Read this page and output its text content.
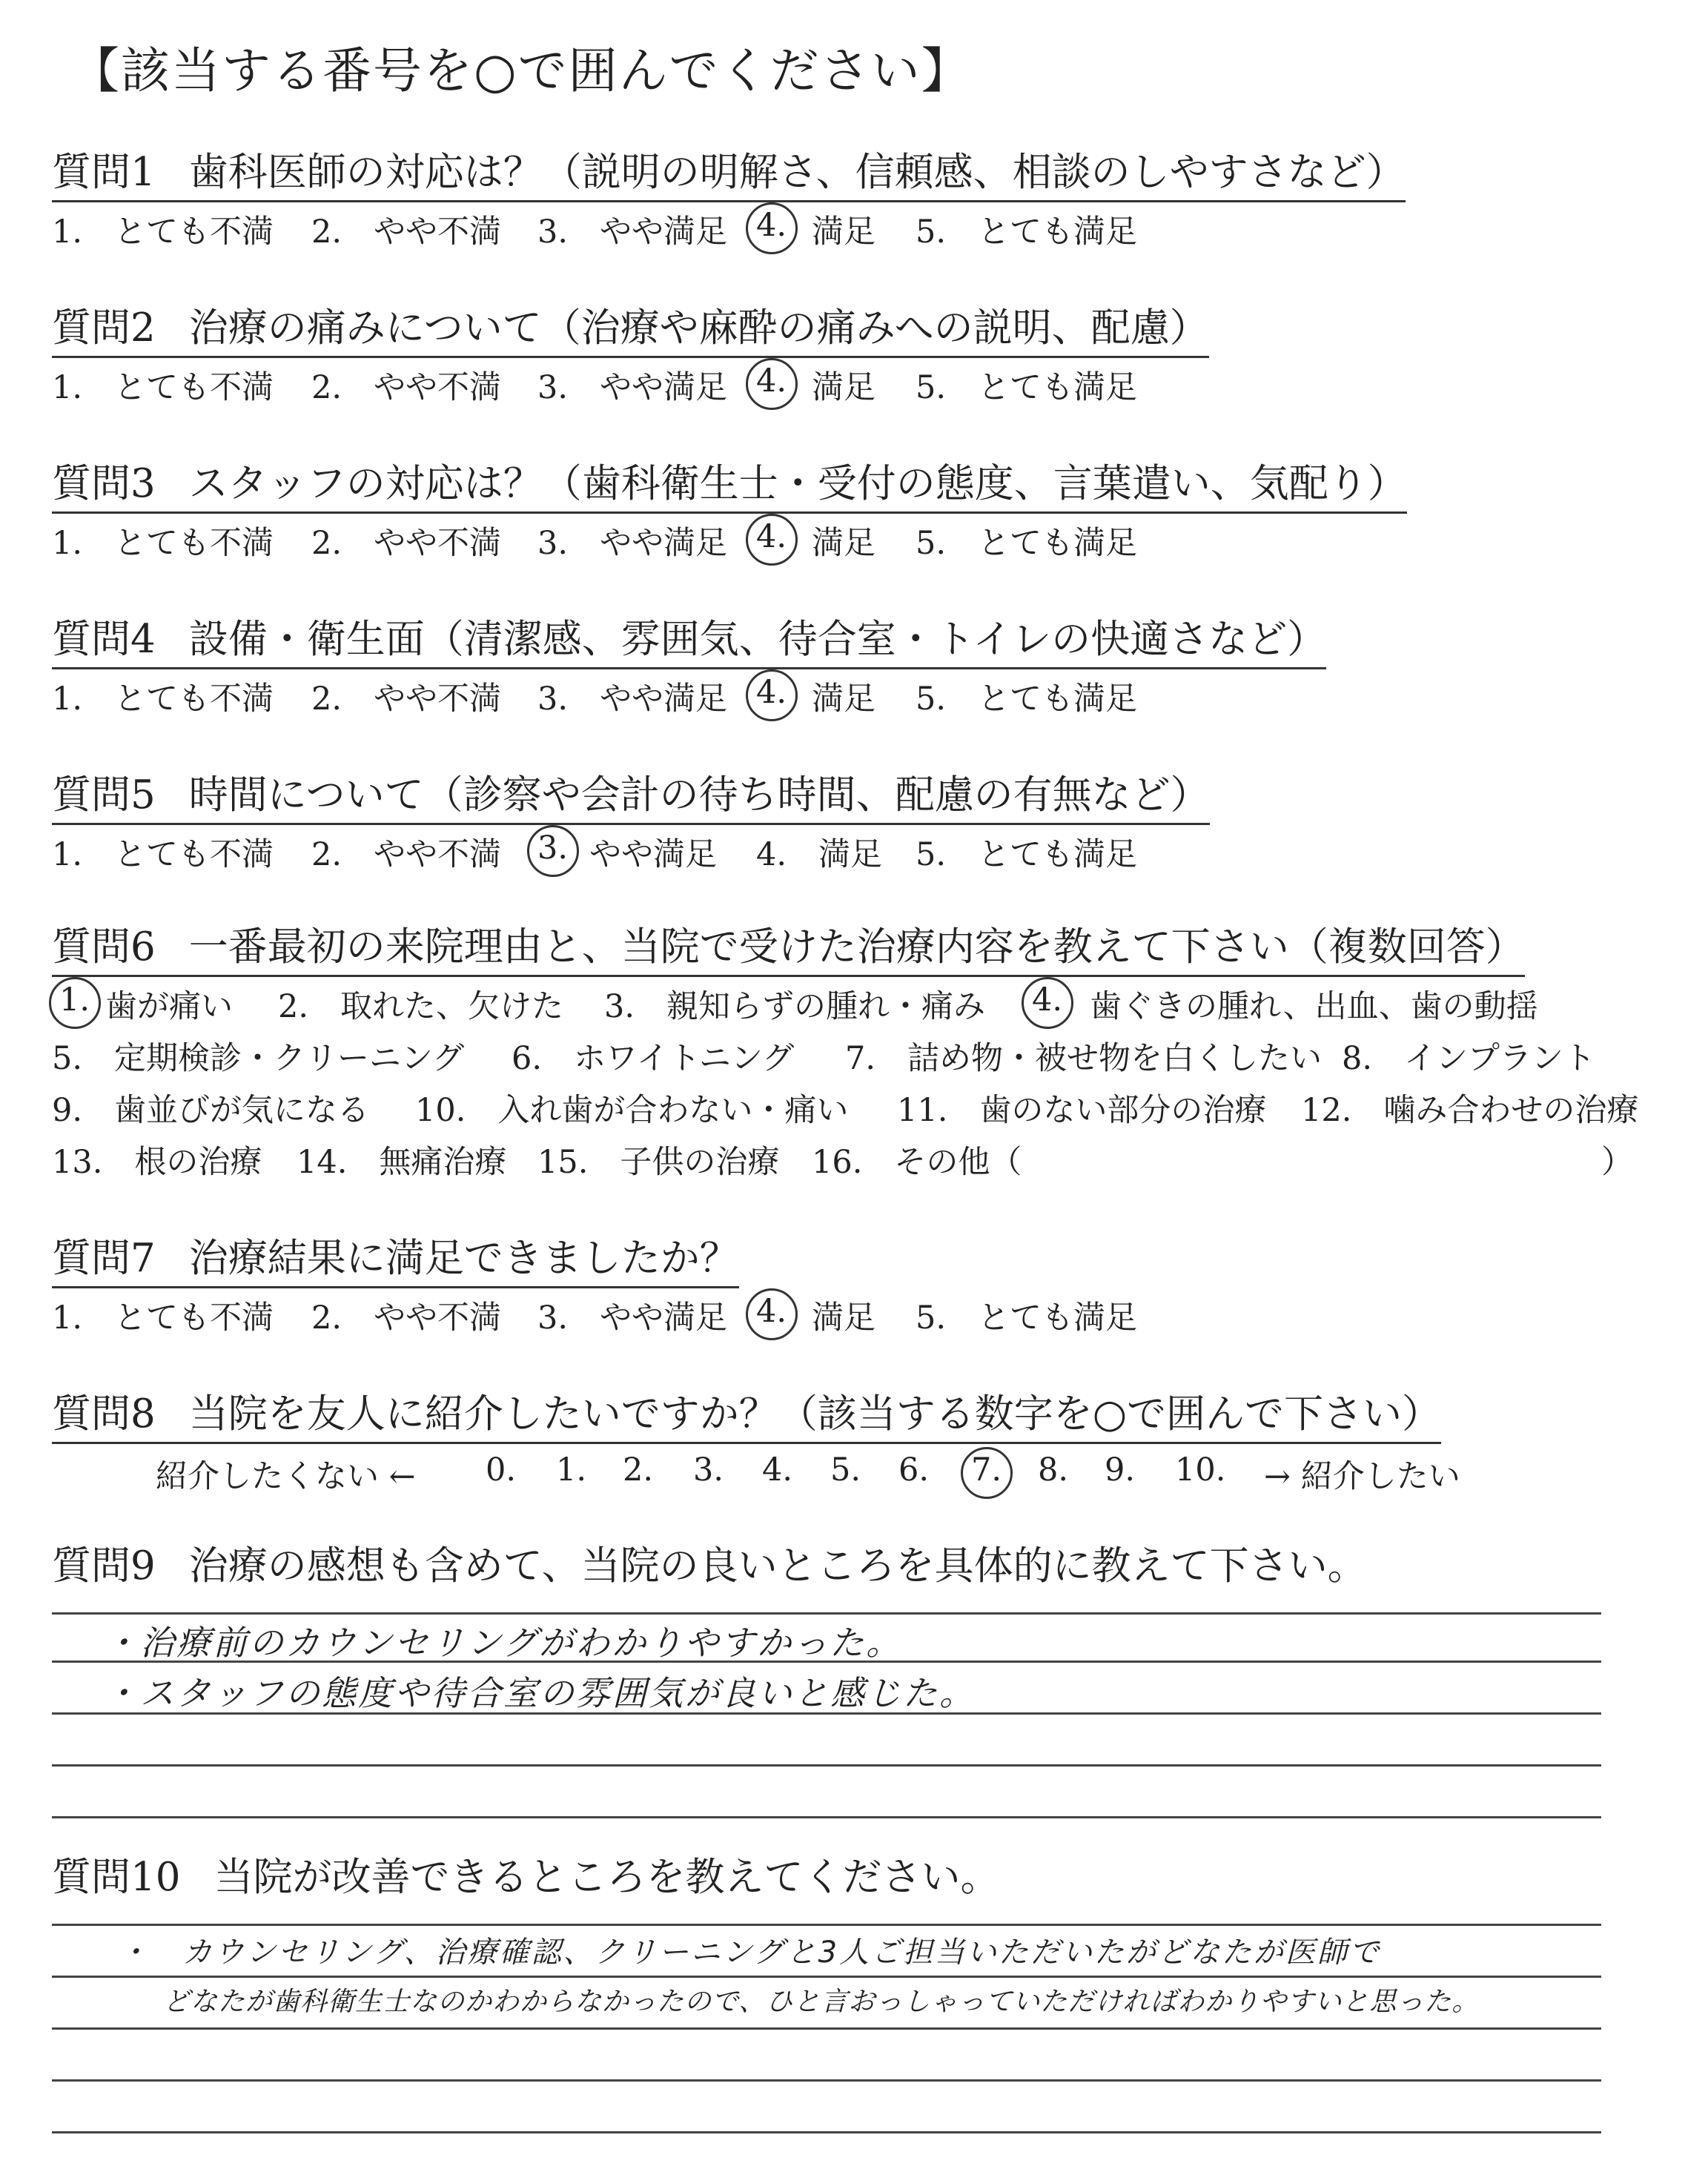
【該当する番号を○で囲んでください】
質問1 歯科医師の対応は？（説明の明解さ、信頼感、相談のしやすさなど）
1.　とても不満 2.　やや不満 3.　やや満足 4. 満足 5.　とても満足
質問2 治療の痛みについて（治療や麻酔の痛みへの説明、配慮）
1.　とても不満 2.　やや不満 3.　やや満足 4. 満足 5.　とても満足
質問3 スタッフの対応は？（歯科衛生士・受付の態度、言葉遣い、気配り）
1.　とても不満 2.　やや不満 3.　やや満足 4. 満足 5.　とても満足
質問4 設備・衛生面（清潔感、雰囲気、待合室・トイレの快適さなど）
1.　とても不満 2.　やや不満 3.　やや満足 4. 満足 5.　とても満足
質問5 時間について（診察や会計の待ち時間、配慮の有無など）
1.　とても不満 2.　やや不満 3. やや満足 4.　満足 5.　とても満足
質問6 一番最初の来院理由と、当院で受けた治療内容を教えて下さい（複数回答）
1. 歯が痛い 2.　取れた、欠けた 3.　親知らずの腫れ・痛み 4. 歯ぐきの腫れ、出血、歯の動揺
5.　定期検診・クリーニング 6.　ホワイトニング 7.　詰め物・被せ物を白くしたい 8.　インプラント
9.　歯並びが気になる 10.　入れ歯が合わない・痛い 11.　歯のない部分の治療 12.　噛み合わせの治療
13.　根の治療 14.　無痛治療 15.　子供の治療 16.　その他（	）
質問7 治療結果に満足できましたか？
1.　とても不満 2.　やや不満 3.　やや満足 4. 満足 5.　とても満足
質問8 当院を友人に紹介したいですか？（該当する数字を○で囲んで下さい）
紹介したくない ← 0. 1. 2. 3. 4. 5. 6. 7. 8. 9. 10. → 紹介したい
質問9 治療の感想も含めて、当院の良いところを具体的に教えて下さい。
・治療前のカウンセリングがわかりやすかった。
・スタッフの態度や待合室の雰囲気が良いと感じた。
質問10 当院が改善できるところを教えてください。
・　カウンセリング、治療確認、クリーニングと3人ご担当いただいたがどなたが医師で
どなたが歯科衛生士なのかわからなかったので、ひと言おっしゃっていただければわかりやすいと思った。
